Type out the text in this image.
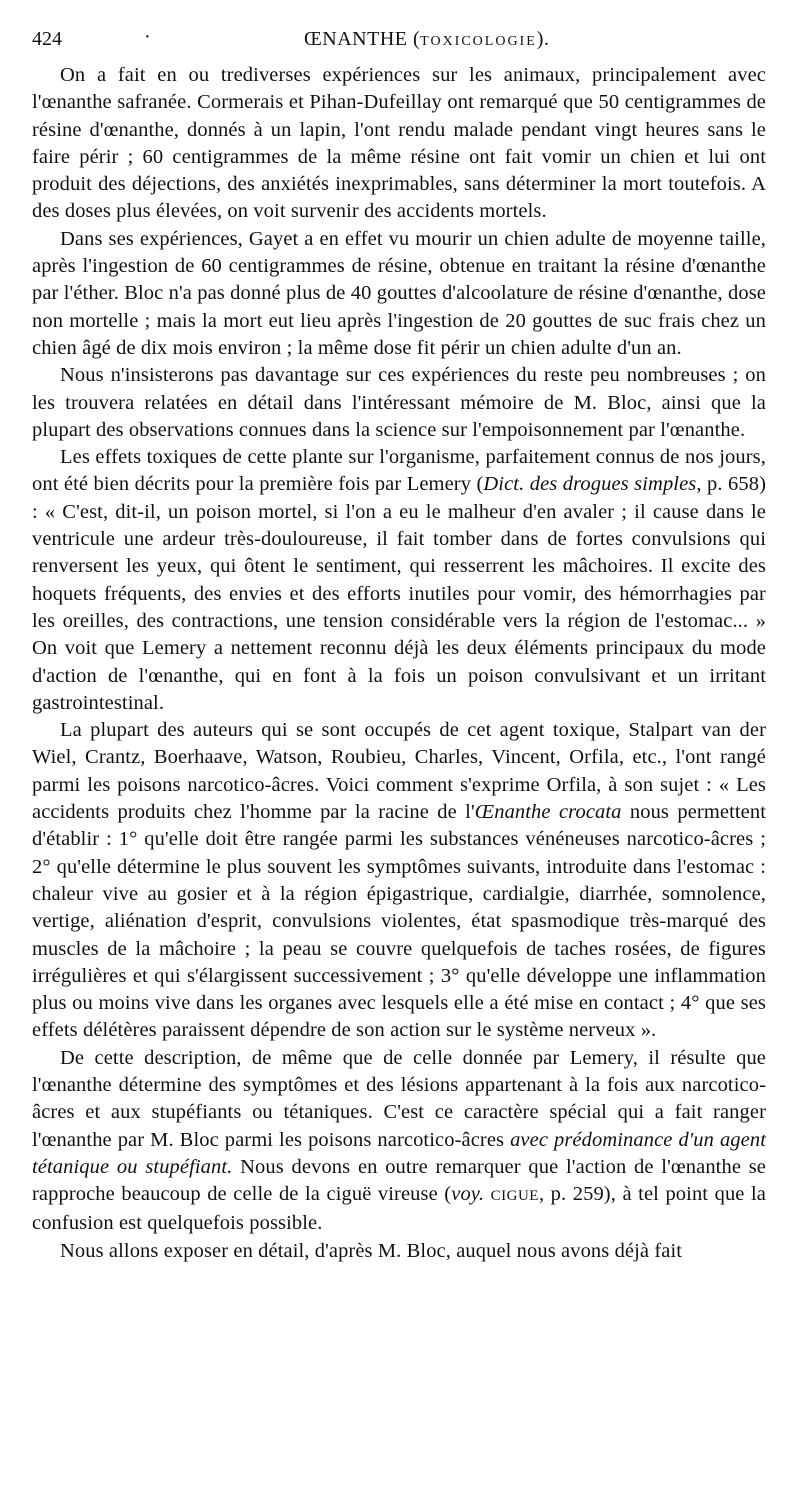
424	·	ŒNANTHE (TOXICOLOGIE).

On a fait en ou trediverses expériences sur les animaux, principalement avec l'œnanthe safranée. Cormerais et Pihan-Dufeillay ont remarqué que 50 centigrammes de résine d'œnanthe, donnés à un lapin, l'ont rendu malade pendant vingt heures sans le faire périr ; 60 centigrammes de la même résine ont fait vomir un chien et lui ont produit des déjections, des anxiétés inexprimables, sans déterminer la mort toutefois. A des doses plus élevées, on voit survenir des accidents mortels.

Dans ses expériences, Gayet a en effet vu mourir un chien adulte de moyenne taille, après l'ingestion de 60 centigrammes de résine, obtenue en traitant la résine d'œnanthe par l'éther. Bloc n'a pas donné plus de 40 gouttes d'alcoolature de résine d'œnanthe, dose non mortelle ; mais la mort eut lieu après l'ingestion de 20 gouttes de suc frais chez un chien âgé de dix mois environ ; la même dose fit périr un chien adulte d'un an.

Nous n'insisterons pas davantage sur ces expériences du reste peu nombreuses ; on les trouvera relatées en détail dans l'intéressant mémoire de M. Bloc, ainsi que la plupart des observations connues dans la science sur l'empoisonnement par l'œnanthe.

Les effets toxiques de cette plante sur l'organisme, parfaitement connus de nos jours, ont été bien décrits pour la première fois par Lemery (Dict. des drogues simples, p. 658) : « C'est, dit-il, un poison mortel, si l'on a eu le malheur d'en avaler ; il cause dans le ventricule une ardeur très-douloureuse, il fait tomber dans de fortes convulsions qui renversent les yeux, qui ôtent le sentiment, qui resserrent les mâchoires. Il excite des hoquets fréquents, des envies et des efforts inutiles pour vomir, des hémorrhagies par les oreilles, des contractions, une tension considérable vers la région de l'estomac... » On voit que Lemery a nettement reconnu déjà les deux éléments principaux du mode d'action de l'œnanthe, qui en font à la fois un poison convulsivant et un irritant gastrointestinal.

La plupart des auteurs qui se sont occupés de cet agent toxique, Stalpart van der Wiel, Crantz, Boerhaave, Watson, Roubieu, Charles, Vincent, Orfila, etc., l'ont rangé parmi les poisons narcotico-âcres. Voici comment s'exprime Orfila, à son sujet : « Les accidents produits chez l'homme par la racine de l'Œnanthe crocata nous permettent d'établir : 1° qu'elle doit être rangée parmi les substances vénéneuses narcotico-âcres ; 2° qu'elle détermine le plus souvent les symptômes suivants, introduite dans l'estomac : chaleur vive au gosier et à la région épigastrique, cardialgie, diarrhée, somnolence, vertige, aliénation d'esprit, convulsions violentes, état spasmodique très-marqué des muscles de la mâchoire ; la peau se couvre quelquefois de taches rosées, de figures irrégulières et qui s'élargissent successivement ; 3° qu'elle développe une inflammation plus ou moins vive dans les organes avec lesquels elle a été mise en contact ; 4° que ses effets délétères paraissent dépendre de son action sur le système nerveux ».

De cette description, de même que de celle donnée par Lemery, il résulte que l'œnanthe détermine des symptômes et des lésions appartenant à la fois aux narcotico-âcres et aux stupéfiants ou tétaniques. C'est ce caractère spécial qui a fait ranger l'œnanthe par M. Bloc parmi les poisons narcotico-âcres avec prédominance d'un agent tétanique ou stupéfiant. Nous devons en outre remarquer que l'action de l'œnanthe se rapproche beaucoup de celle de la ciguë vireuse (voy. CIGUE, p. 259), à tel point que la confusion est quelquefois possible.

Nous allons exposer en détail, d'après M. Bloc, auquel nous avons déjà fait
